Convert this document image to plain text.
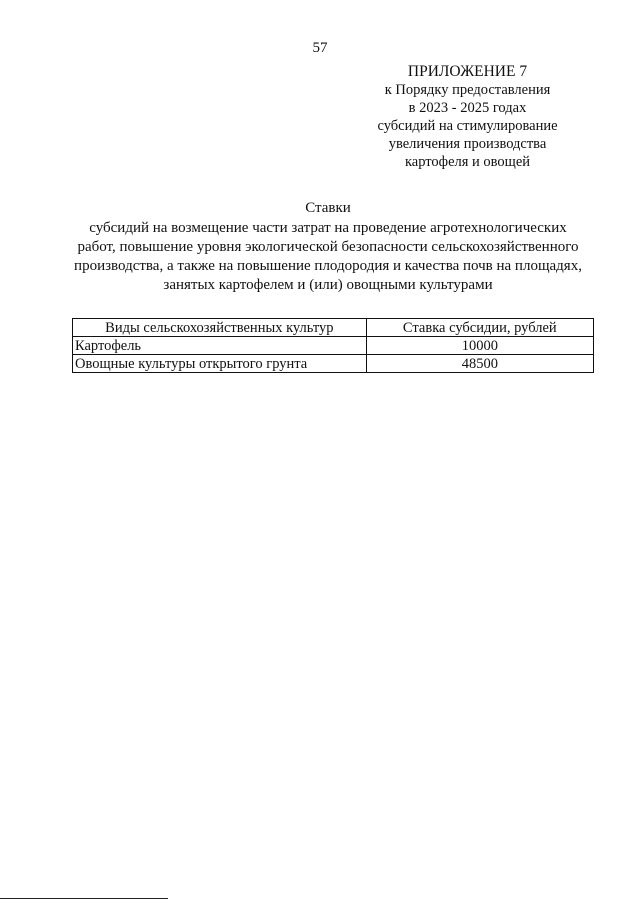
57
ПРИЛОЖЕНИЕ 7
к Порядку предоставления
в 2023 - 2025 годах
субсидий на стимулирование
увеличения производства
картофеля и овощей
Ставки
субсидий на возмещение части затрат на проведение агротехнологических
работ, повышение уровня экологической безопасности сельскохозяйственного
производства, а также на повышение плодородия и качества почв на площадях,
занятых картофелем и (или) овощными культурами
Виды сельскохозяйственных культур	Ставка субсидии, рублей
Картофель	10000
Овощные культуры открытого грунта	48500
